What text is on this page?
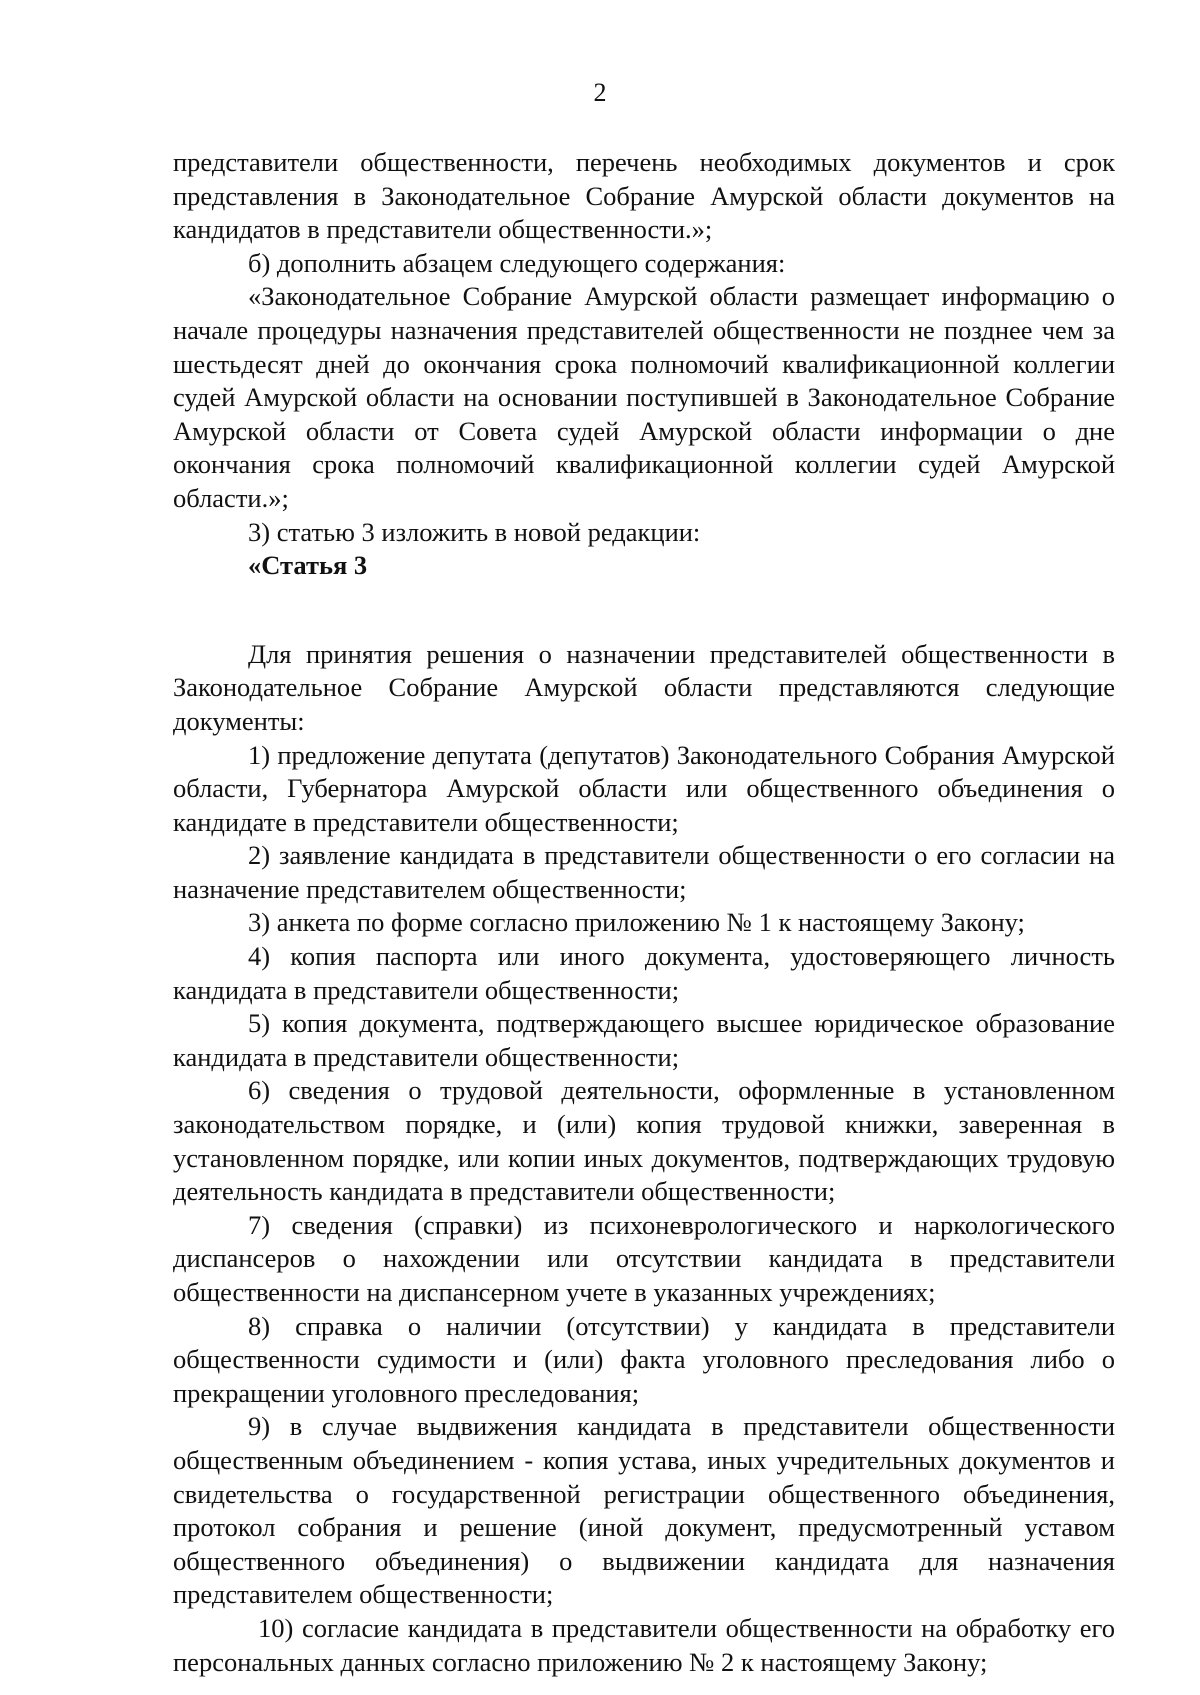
2

представители общественности, перечень необходимых документов и срок представления в Законодательное Собрание Амурской области документов на кандидатов в представители общественности.»;

б) дополнить абзацем следующего содержания:

«Законодательное Собрание Амурской области размещает информацию о начале процедуры назначения представителей общественности не позднее чем за шестьдесят дней до окончания срока полномочий квалификационной коллегии судей Амурской области на основании поступившей в Законодательное Собрание Амурской области от Совета судей Амурской области информации о дне окончания срока полномочий квалификационной коллегии судей Амурской области.»;

3) статью 3 изложить в новой редакции:

«Статья 3

Для принятия решения о назначении представителей общественности в Законодательное Собрание Амурской области представляются следующие документы:

1) предложение депутата (депутатов) Законодательного Собрания Амурской области, Губернатора Амурской области или общественного объединения о кандидате в представители общественности;

2) заявление кандидата в представители общественности о его согласии на назначение представителем общественности;

3) анкета по форме согласно приложению № 1 к настоящему Закону;

4) копия паспорта или иного документа, удостоверяющего личность кандидата в представители общественности;

5) копия документа, подтверждающего высшее юридическое образование кандидата в представители общественности;

6) сведения о трудовой деятельности, оформленные в установленном законодательством порядке, и (или) копия трудовой книжки, заверенная в установленном порядке, или копии иных документов, подтверждающих трудовую деятельность кандидата в представители общественности;

7) сведения (справки) из психоневрологического и наркологического диспансеров о нахождении или отсутствии кандидата в представители общественности на диспансерном учете в указанных учреждениях;

8) справка о наличии (отсутствии) у кандидата в представители общественности судимости и (или) факта уголовного преследования либо о прекращении уголовного преследования;

9) в случае выдвижения кандидата в представители общественности общественным объединением - копия устава, иных учредительных документов и свидетельства о государственной регистрации общественного объединения, протокол собрания и решение (иной документ, предусмотренный уставом общественного объединения) о выдвижении кандидата для назначения представителем общественности;

10) согласие кандидата в представители общественности на обработку его персональных данных согласно приложению № 2 к настоящему Закону;
